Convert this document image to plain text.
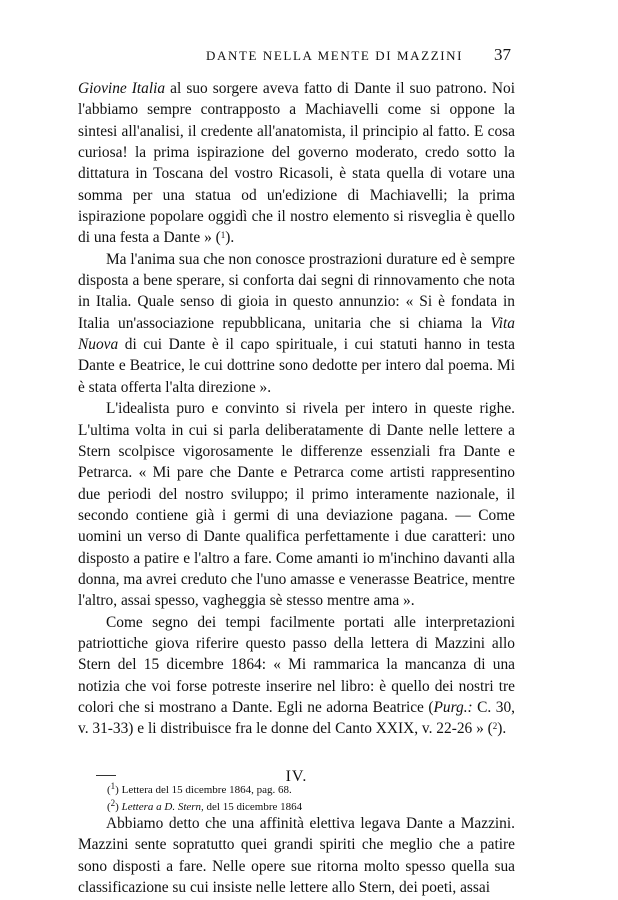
DANTE NELLA MENTE DI MAZZINI 37

Giovine Italia al suo sorgere aveva fatto di Dante il suo patrono. Noi l'abbiamo sempre contrapposto a Machiavelli come si oppone la sintesi all'analisi, il credente all'anatomista, il principio al fatto. E cosa curiosa! la prima ispirazione del governo moderato, credo sotto la dittatura in Toscana del vostro Ricasoli, è stata quella di votare una somma per una statua od un'edizione di Machiavelli; la prima ispirazione popolare oggidì che il nostro elemento si risveglia è quello di una festa a Dante » ($^1$).

Ma l'anima sua che non conosce prostrazioni durature ed è sempre disposta a bene sperare, si conforta dai segni di rinnovamento che nota in Italia. Quale senso di gioia in questo annunzio: « Si è fondata in Italia un'associazione repubblicana, unitaria che si chiama la Vita Nuova di cui Dante è il capo spirituale, i cui statuti hanno in testa Dante e Beatrice, le cui dottrine sono dedotte per intero dal poema. Mi è stata offerta l'alta direzione ».

L'idealista puro e convinto si rivela per intero in queste righe. L'ultima volta in cui si parla deliberatamente di Dante nelle lettere a Stern scolpisce vigorosamente le differenze essenziali fra Dante e Petrarca. « Mi pare che Dante e Petrarca come artisti rappresentino due periodi del nostro sviluppo; il primo interamente nazionale, il secondo contiene già i germi di una deviazione pagana. — Come uomini un verso di Dante qualifica perfettamente i due caratteri: uno disposto a patire e l'altro a fare. Come amanti io m'inchino davanti alla donna, ma avrei creduto che l'uno amasse e venerasse Beatrice, mentre l'altro, assai spesso, vagheggia sè stesso mentre ama ».

Come segno dei tempi facilmente portati alle interpretazioni patriottiche giova riferire questo passo della lettera di Mazzini allo Stern del 15 dicembre 1864: « Mi rammarica la mancanza di una notizia che voi forse potreste inserire nel libro: è quello dei nostri tre colori che si mostrano a Dante. Egli ne adorna Beatrice (Purg.: C. 30, v. 31-33) e li distribuisce fra le donne del Canto XXIX, v. 22-26 » ($^2$).

IV.

Abbiamo detto che una affinità elettiva legava Dante a Mazzini. Mazzini sente sopratutto quei grandi spiriti che meglio che a patire sono disposti a fare. Nelle opere sue ritorna molto spesso quella sua classificazione su cui insiste nelle lettere allo Stern, dei poeti, assai

($^1$) Lettera del 15 dicembre 1864, pag. 68.
($^2$) Lettera a D. Stern, del 15 dicembre 1864
